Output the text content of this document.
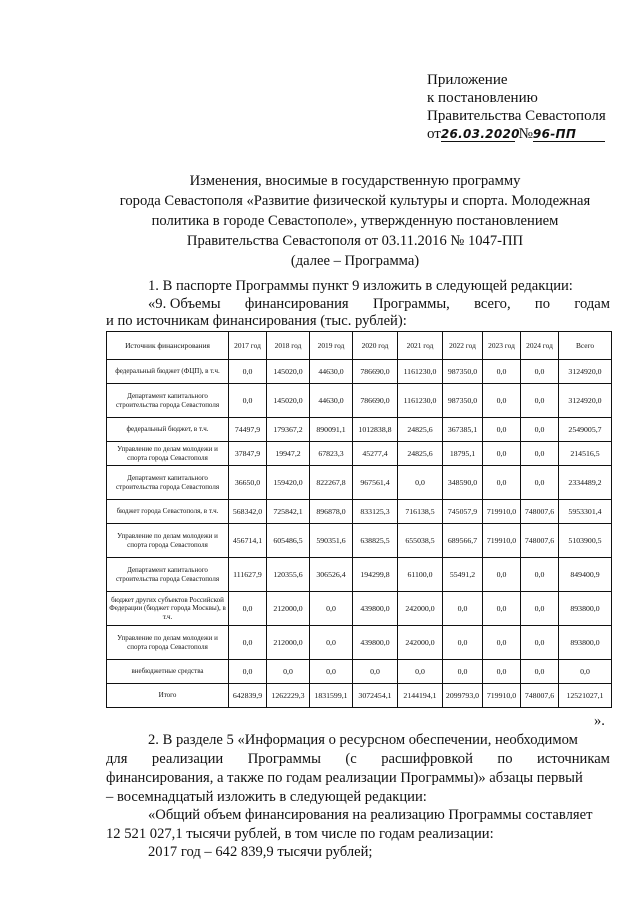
Приложение
к постановлению
Правительства Севастополя
от26.03.2020 №96-ПП
Изменения, вносимые в государственную программу
города Севастополя «Развитие физической культуры и спорта. Молодежная
политика в городе Севастополе», утвержденную постановлением
Правительства Севастополя от 03.11.2016 № 1047-ПП
(далее – Программа)
1. В паспорте Программы пункт 9 изложить в следующей редакции:
«9. Объемы финансирования Программы, всего, по годам
и по источникам финансирования (тыс. рублей):
Источник финансирования	2017 год	2018 год	2019 год	2020 год	2021 год	2022 год	2023 год	2024 год	Всего
федеральный бюджет (ФЦП), в т.ч.	0,0	145020,0	44630,0	786690,0	1161230,0	987350,0	0,0	0,0	3124920,0
Департамент капитального строительства города Севастополя	0,0	145020,0	44630,0	786690,0	1161230,0	987350,0	0,0	0,0	3124920,0
федеральный бюджет, в т.ч.	74497,9	179367,2	890091,1	1012838,8	24825,6	367385,1	0,0	0,0	2549005,7
Управление по делам молодежи и спорта города Севастополя	37847,9	19947,2	67823,3	45277,4	24825,6	18795,1	0,0	0,0	214516,5
Департамент капитального строительства города Севастополя	36650,0	159420,0	822267,8	967561,4	0,0	348590,0	0,0	0,0	2334489,2
бюджет города Севастополя, в т.ч.	568342,0	725842,1	896878,0	833125,3	716138,5	745057,9	719910,0	748007,6	5953301,4
Управление по делам молодежи и спорта города Севастополя	456714,1	605486,5	590351,6	638825,5	655038,5	689566,7	719910,0	748007,6	5103900,5
Департамент капитального строительства города Севастополя	111627,9	120355,6	306526,4	194299,8	61100,0	55491,2	0,0	0,0	849400,9
бюджет других субъектов Российской Федерации (бюджет города Москвы), в т.ч.	0,0	212000,0	0,0	439800,0	242000,0	0,0	0,0	0,0	893800,0
Управление по делам молодежи и спорта города Севастополя	0,0	212000,0	0,0	439800,0	242000,0	0,0	0,0	0,0	893800,0
внебюджетные средства	0,0	0,0	0,0	0,0	0,0	0,0	0,0	0,0	0,0
Итого	642839,9	1262229,3	1831599,1	3072454,1	2144194,1	2099793,0	719910,0	748007,6	12521027,1
».
2. В разделе 5 «Информация о ресурсном обеспечении, необходимом
для реализации Программы (с расшифровкой по источникам
финансирования, а также по годам реализации Программы)» абзацы первый
– восемнадцатый изложить в следующей редакции:
«Общий объем финансирования на реализацию Программы составляет
12 521 027,1 тысячи рублей, в том числе по годам реализации:
2017 год – 642 839,9 тысячи рублей;
